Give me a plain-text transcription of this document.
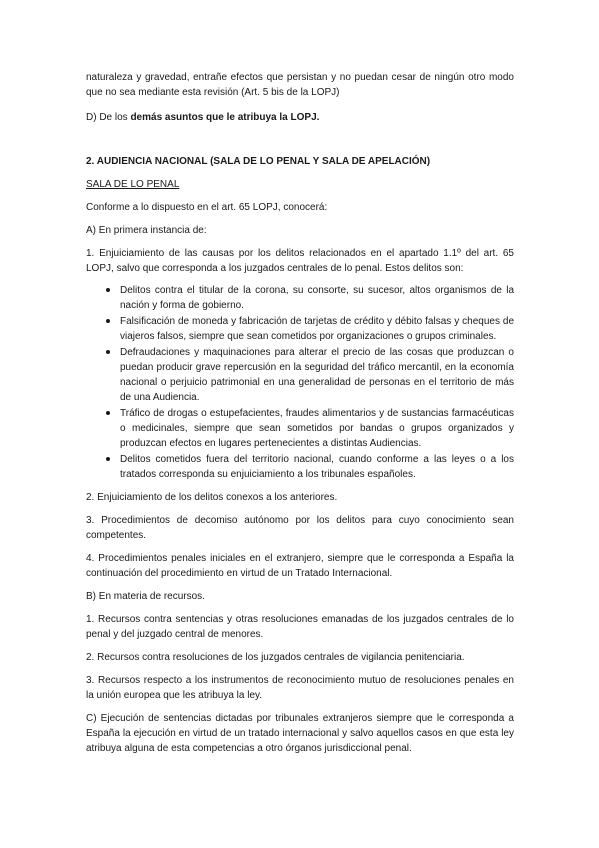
naturaleza y gravedad, entrañe efectos que persistan y no puedan cesar de ningún otro modo que no sea mediante esta revisión (Art. 5 bis de la LOPJ)

D) De los demás asuntos que le atribuya la LOPJ.

2. AUDIENCIA NACIONAL (SALA DE LO PENAL Y SALA DE APELACIÓN)

SALA DE LO PENAL

Conforme a lo dispuesto en el art. 65 LOPJ, conocerá:

A) En primera instancia de:

1. Enjuiciamiento de las causas por los delitos relacionados en el apartado 1.1º del art. 65 LOPJ, salvo que corresponda a los juzgados centrales de lo penal. Estos delitos son:

Delitos contra el titular de la corona, su consorte, su sucesor, altos organismos de la nación y forma de gobierno.
Falsificación de moneda y fabricación de tarjetas de crédito y débito falsas y cheques de viajeros falsos, siempre que sean cometidos por organizaciones o grupos criminales.
Defraudaciones y maquinaciones para alterar el precio de las cosas que produzcan o puedan producir grave repercusión en la seguridad del tráfico mercantil, en la economía nacional o perjuicio patrimonial en una generalidad de personas en el territorio de más de una Audiencia.
Tráfico de drogas o estupefacientes, fraudes alimentarios y de sustancias farmacéuticas o medicinales, siempre que sean sometidos por bandas o grupos organizados y produzcan efectos en lugares pertenecientes a distintas Audiencias.
Delitos cometidos fuera del territorio nacional, cuando conforme a las leyes o a los tratados corresponda su enjuiciamiento a los tribunales españoles.

2. Enjuiciamiento de los delitos conexos a los anteriores.

3. Procedimientos de decomiso autónomo por los delitos para cuyo conocimiento sean competentes.

4. Procedimientos penales iniciales en el extranjero, siempre que le corresponda a España la continuación del procedimiento en virtud de un Tratado Internacional.

B) En materia de recursos.

1. Recursos contra sentencias y otras resoluciones emanadas de los juzgados centrales de lo penal y del juzgado central de menores.

2. Recursos contra resoluciones de los juzgados centrales de vigilancia penitenciaria.

3. Recursos respecto a los instrumentos de reconocimiento mutuo de resoluciones penales en la unión europea que les atribuya la ley.

C) Ejecución de sentencias dictadas por tribunales extranjeros siempre que le corresponda a España la ejecución en virtud de un tratado internacional y salvo aquellos casos en que esta ley atribuya alguna de esta competencias a otro órganos jurisdiccional penal.
